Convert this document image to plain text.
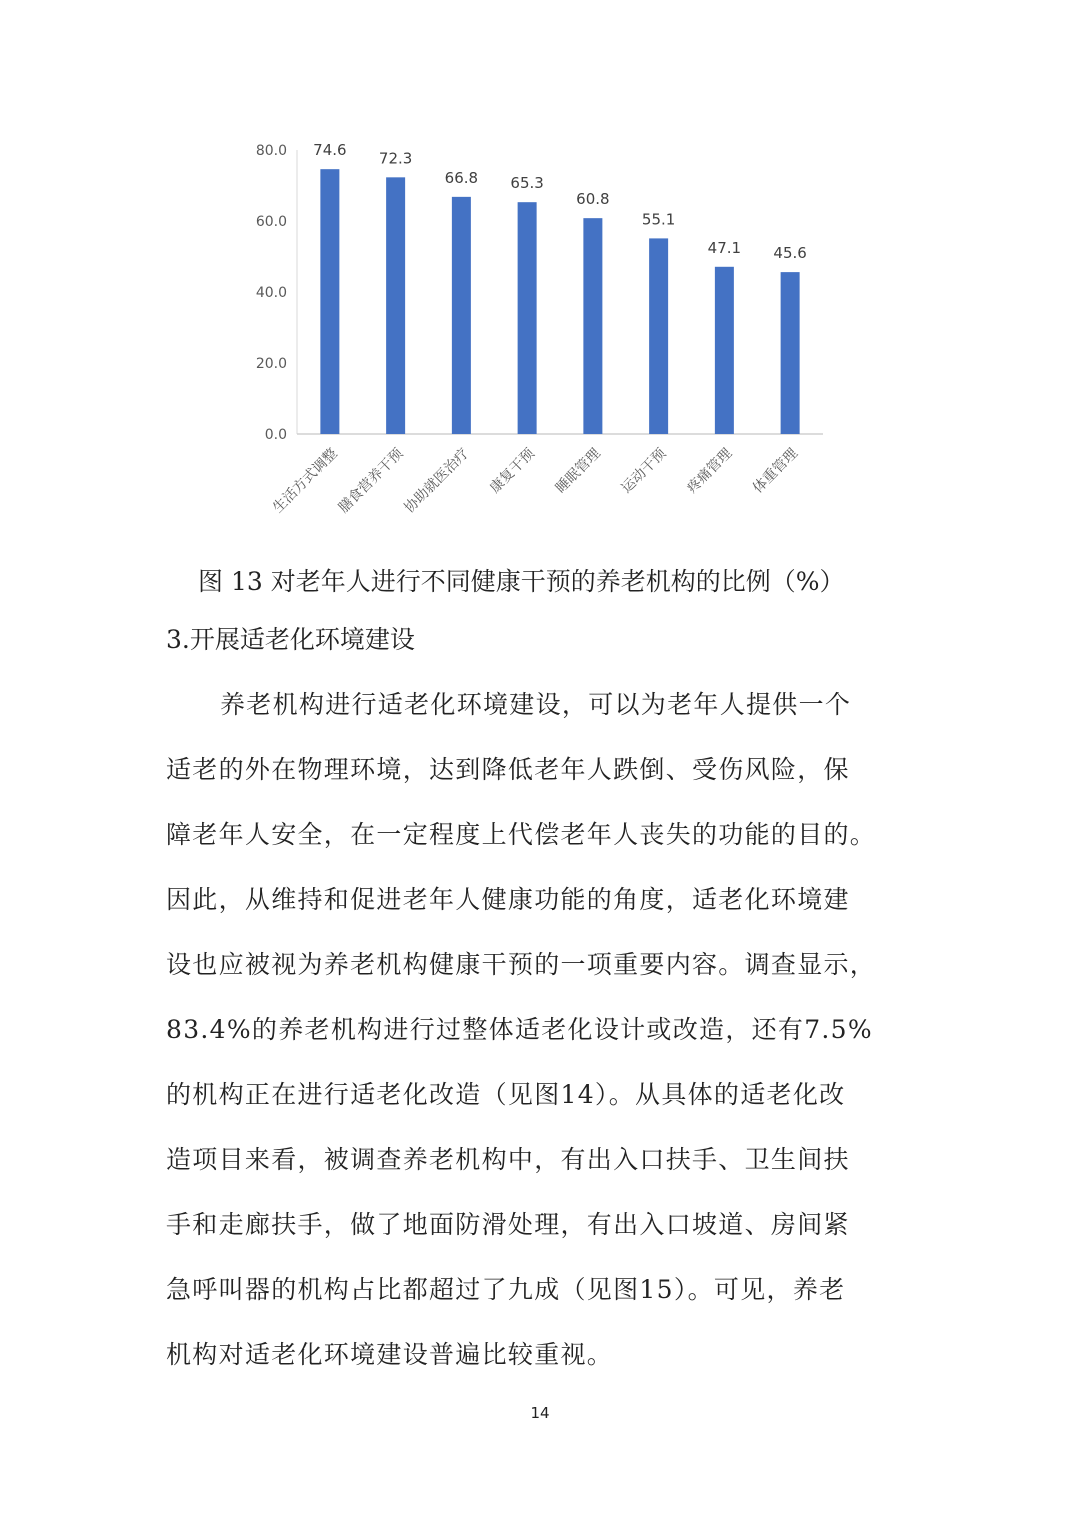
0.0
20.0
40.0
60.0
80.0 74.6 72.3
66.8 65.3
60.8
55.1
47.1 45.6
生活方式调整
膳食营养干预
协助就医治疗 康复干预 睡眠管理 运动干预 疼痛管理 体重管理
图 13 对老年人进行不同健康干预的养老机构的比例（%）
3.开展适老化环境建设
养老机构进行适老化环境建设，可以为老年人提供一个
适老的外在物理环境，达到降低老年人跌倒、受伤风险，保
障老年人安全，在一定程度上代偿老年人丧失的功能的目的。
因此，从维持和促进老年人健康功能的角度，适老化环境建
设也应被视为养老机构健康干预的一项重要内容。调查显示，
83.4%的养老机构进行过整体适老化设计或改造，还有7.5%
的机构正在进行适老化改造（见图14）。从具体的适老化改
造项目来看，被调查养老机构中，有出入口扶手、卫生间扶
手和走廊扶手，做了地面防滑处理，有出入口坡道、房间紧
急呼叫器的机构占比都超过了九成（见图15）。可见，养老
机构对适老化环境建设普遍比较重视。
14
